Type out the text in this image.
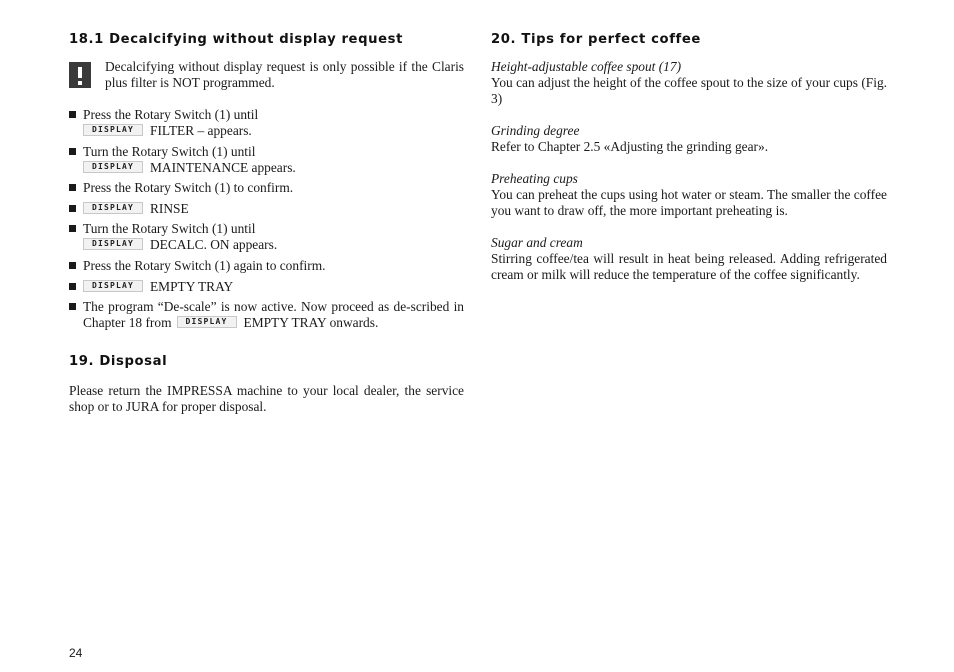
18.1 Decalcifying without display request
Decalcifying without display request is only possible if the Claris plus filter is NOT programmed.
Press the Rotary Switch (1) until
DISPLAY FILTER – appears.
Turn the Rotary Switch (1) until
DISPLAY MAINTENANCE appears.
Press the Rotary Switch (1) to confirm.
DISPLAY RINSE
Turn the Rotary Switch (1) until
DISPLAY DECALC. ON appears.
Press the Rotary Switch (1) again to confirm.
DISPLAY EMPTY TRAY
The program “De-scale” is now active. Now proceed as de-scribed in Chapter 18 from DISPLAY EMPTY TRAY onwards.
19. Disposal
Please return the IMPRESSA machine to your local dealer, the service shop or to JURA for proper disposal.
20. Tips for perfect coffee
Height-adjustable coffee spout (17)
You can adjust the height of the coffee spout to the size of your cups (Fig. 3)
Grinding degree
Refer to Chapter 2.5 «Adjusting the grinding gear».
Preheating cups
You can preheat the cups using hot water or steam. The smaller the coffee you want to draw off, the more important preheating is.
Sugar and cream
Stirring coffee/tea will result in heat being released. Adding refrigerated cream or milk will reduce the temperature of the coffee significantly.
24
